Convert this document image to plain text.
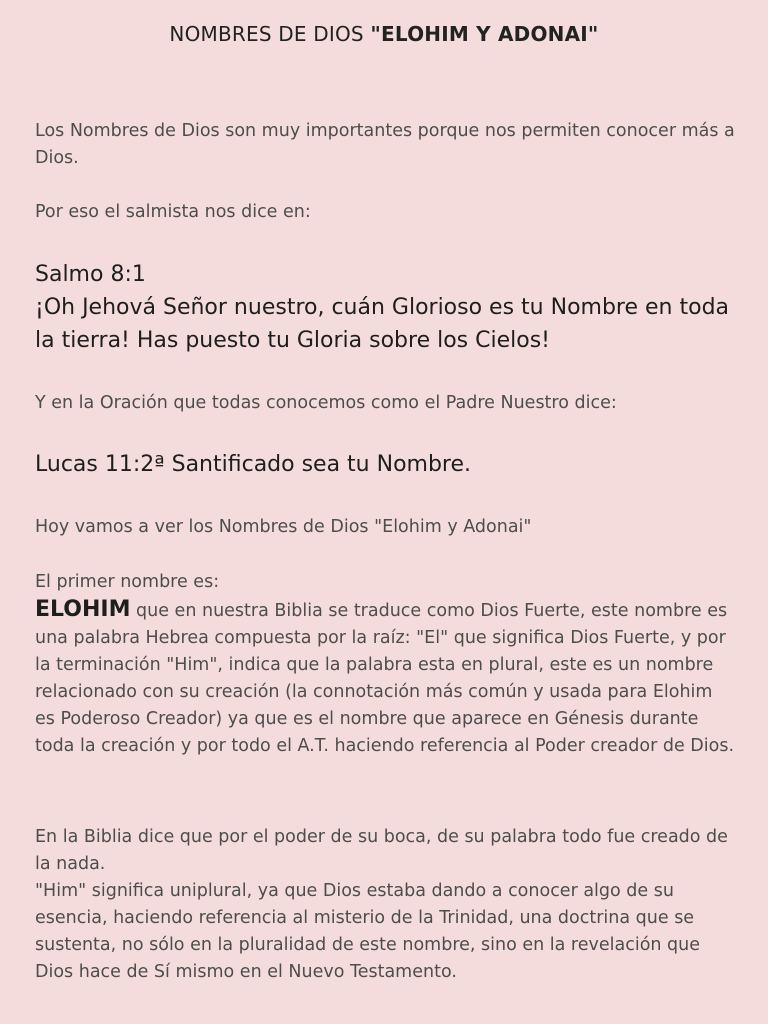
NOMBRES DE DIOS "ELOHIM Y ADONAI"

Los Nombres de Dios son muy importantes porque nos permiten conocer más a Dios.

Por eso el salmista nos dice en:

Salmo 8:1

¡Oh Jehová Señor nuestro, cuán Glorioso es tu Nombre en toda la tierra! Has puesto tu Gloria sobre los Cielos!

Y en la Oración que todas conocemos como el Padre Nuestro dice:

Lucas 11:2ª Santificado sea tu Nombre.

Hoy vamos a ver los Nombres de Dios "Elohim y Adonai"

El primer nombre es:

ELOHIM que en nuestra Biblia se traduce como Dios Fuerte, este nombre es una palabra Hebrea compuesta por la raíz: "El" que significa Dios Fuerte, y por la terminación "Him", indica que la palabra esta en plural, este es un nombre relacionado con su creación (la connotación más común y usada para Elohim es Poderoso Creador) ya que es el nombre que aparece en Génesis durante toda la creación y por todo el A.T. haciendo referencia al Poder creador de Dios.

En la Biblia dice que por el poder de su boca, de su palabra todo fue creado de la nada.

"Him" significa uniplural, ya que Dios estaba dando a conocer algo de su esencia, haciendo referencia al misterio de la Trinidad, una doctrina que se sustenta, no sólo en la pluralidad de este nombre, sino en la revelación que Dios hace de Sí mismo en el Nuevo Testamento.
